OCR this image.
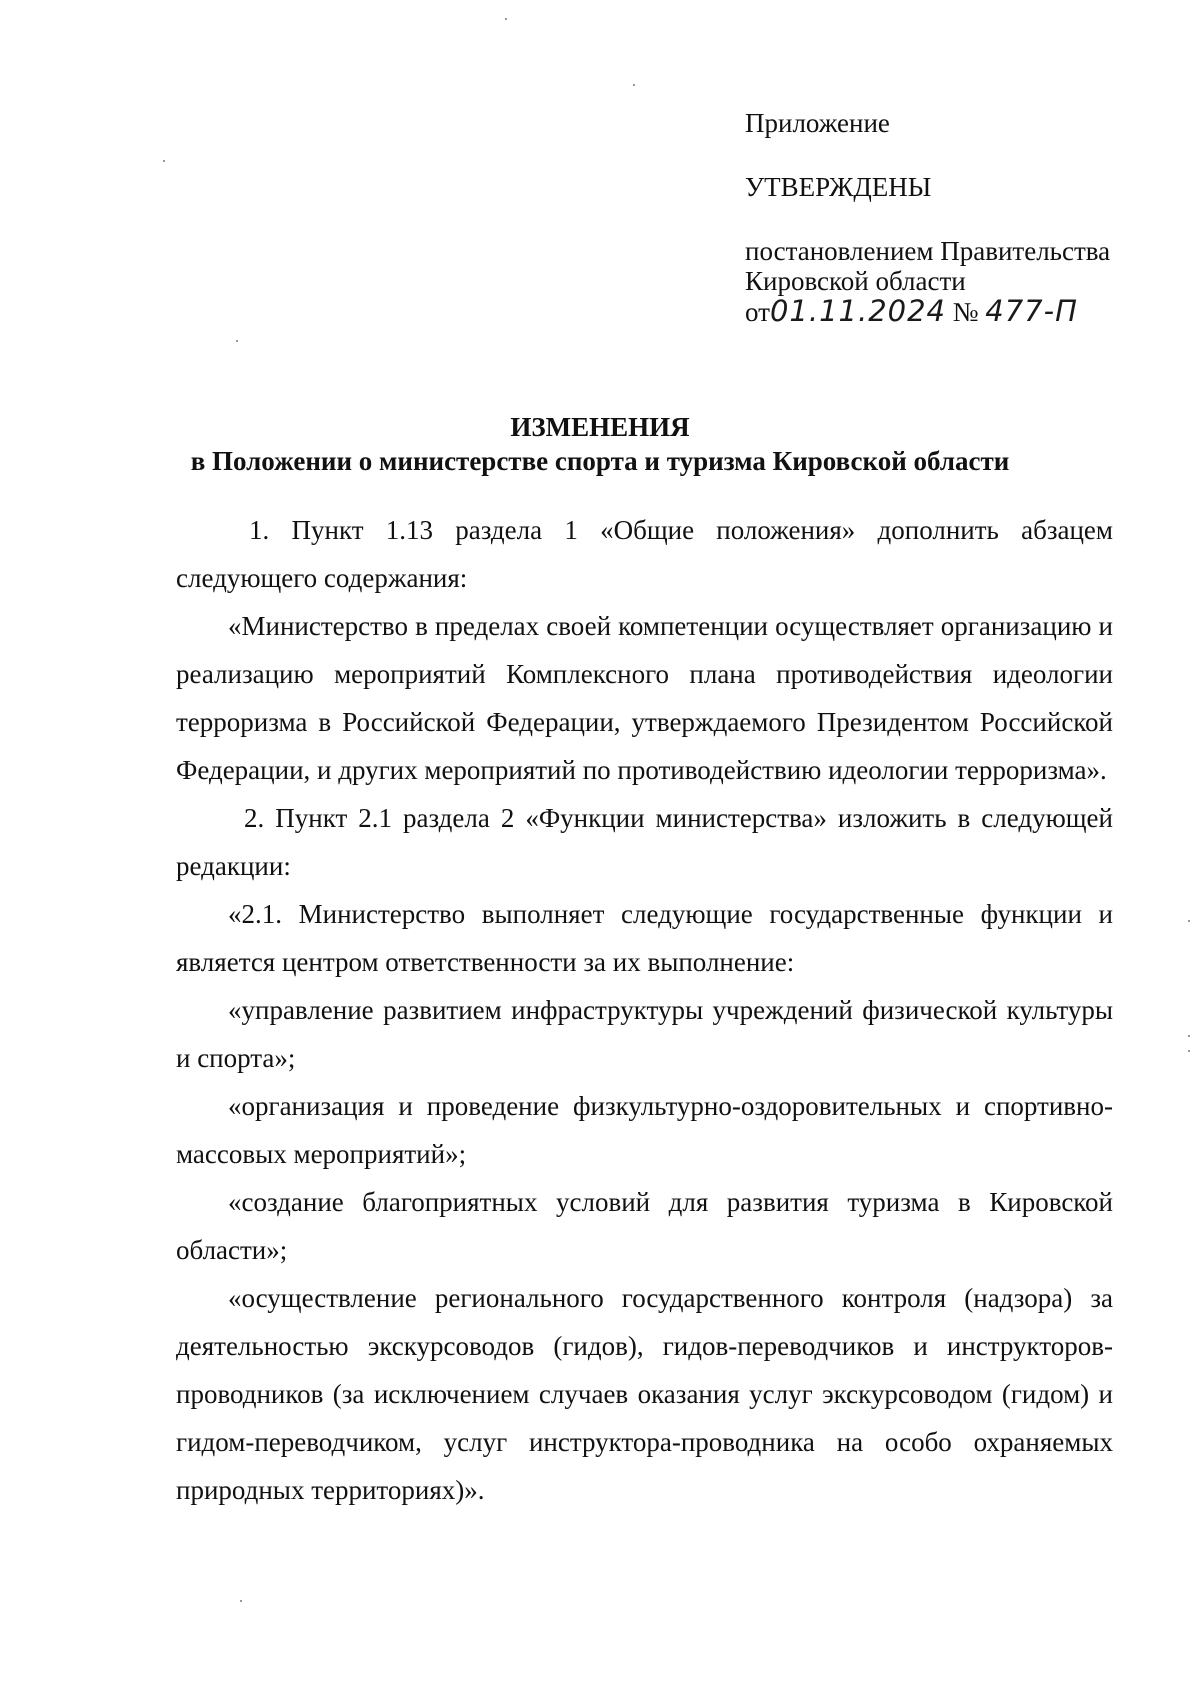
Приложение
УТВЕРЖДЕНЫ
постановлением Правительства
Кировской области
от01.11.2024 № 477-П
ИЗМЕНЕНИЯ
в Положении о министерстве спорта и туризма Кировской области

1. Пункт 1.13 раздела 1 «Общие положения» дополнить абзацем следующего содержания:

«Министерство в пределах своей компетенции осуществляет организацию и реализацию мероприятий Комплексного плана противодействия идеологии терроризма в Российской Федерации, утверждаемого Президентом Российской Федерации, и других мероприятий по противодействию идеологии терроризма».

2. Пункт 2.1 раздела 2 «Функции министерства» изложить в следующей редакции:

«2.1. Министерство выполняет следующие государственные функции и является центром ответственности за их выполнение:

«управление развитием инфраструктуры учреждений физической культуры и спорта»;

«организация и проведение физкультурно-оздоровительных и спортивно-массовых мероприятий»;

«создание благоприятных условий для развития туризма в Кировской области»;

«осуществление регионального государственного контроля (надзора) за деятельностью экскурсоводов (гидов), гидов-переводчиков и инструкторов-проводников (за исключением случаев оказания услуг экскурсоводом (гидом) и гидом-переводчиком, услуг инструктора-проводника на особо охраняемых природных территориях)».
